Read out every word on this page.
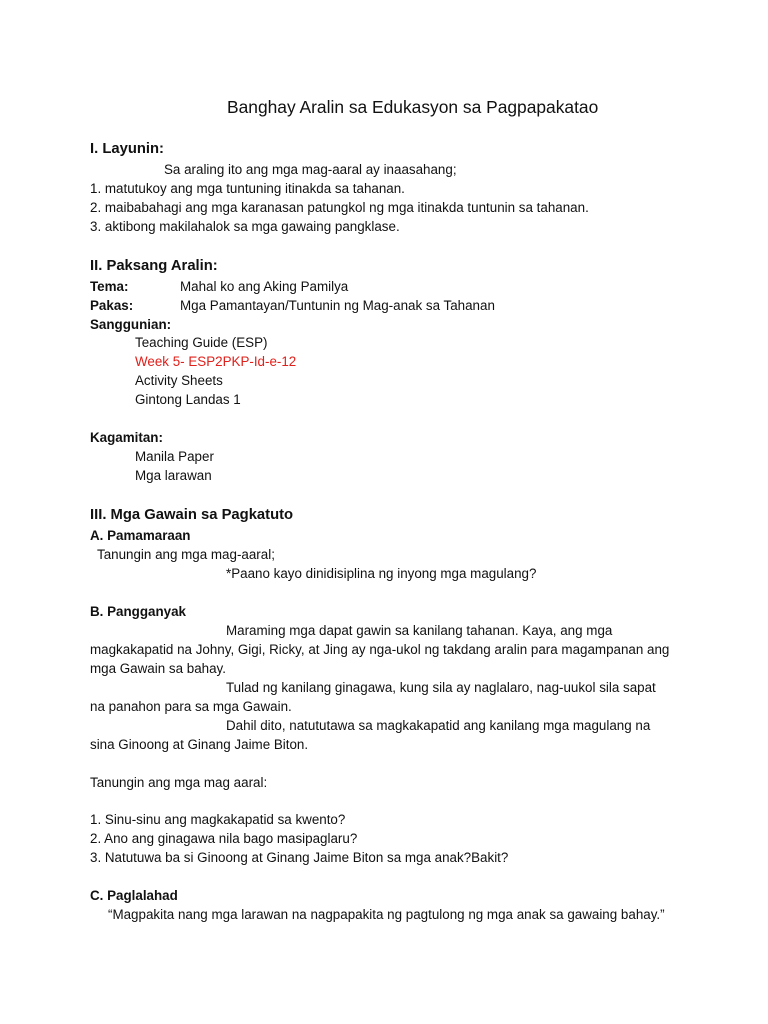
Banghay Aralin sa Edukasyon sa Pagpapakatao
I. Layunin:
Sa araling ito ang mga mag-aaral ay inaasahang;
1. matutukoy ang mga tuntuning itinakda sa tahanan.
2. maibabahagi ang mga karanasan patungkol ng mga itinakda tuntunin sa tahanan.
3. aktibong makilahalok sa mga gawaing pangklase.
II. Paksang Aralin:
Tema:	Mahal ko ang Aking Pamilya
Pakas:	Mga Pamantayan/Tuntunin ng Mag-anak sa Tahanan
Sanggunian:
Teaching Guide (ESP)
Week 5- ESP2PKP-Id-e-12
Activity Sheets
Gintong Landas 1
Kagamitan:
Manila Paper
Mga larawan
III. Mga Gawain sa Pagkatuto
A. Pamamaraan
Tanungin ang mga mag-aaral;
*Paano kayo dinidisiplina ng inyong mga magulang?
B. Pangganyak
Maraming mga dapat gawin sa kanilang tahanan. Kaya, ang mga
magkakapatid na Johny, Gigi, Ricky, at Jing ay nga-ukol ng takdang aralin para magampanan ang
mga Gawain sa bahay.
Tulad ng kanilang ginagawa, kung sila ay naglalaro, nag-uukol sila sapat
na panahon para sa mga Gawain.
Dahil dito, natututawa sa magkakapatid ang kanilang mga magulang na
sina Ginoong at Ginang Jaime Biton.
Tanungin ang mga mag aaral:
1. Sinu-sinu ang magkakapatid sa kwento?
2. Ano ang ginagawa nila bago masipaglaru?
3. Natutuwa ba si Ginoong at Ginang Jaime Biton sa mga anak?Bakit?
C. Paglalahad
“Magpakita nang mga larawan na nagpapakita ng pagtulong ng mga anak sa gawaing bahay.”
